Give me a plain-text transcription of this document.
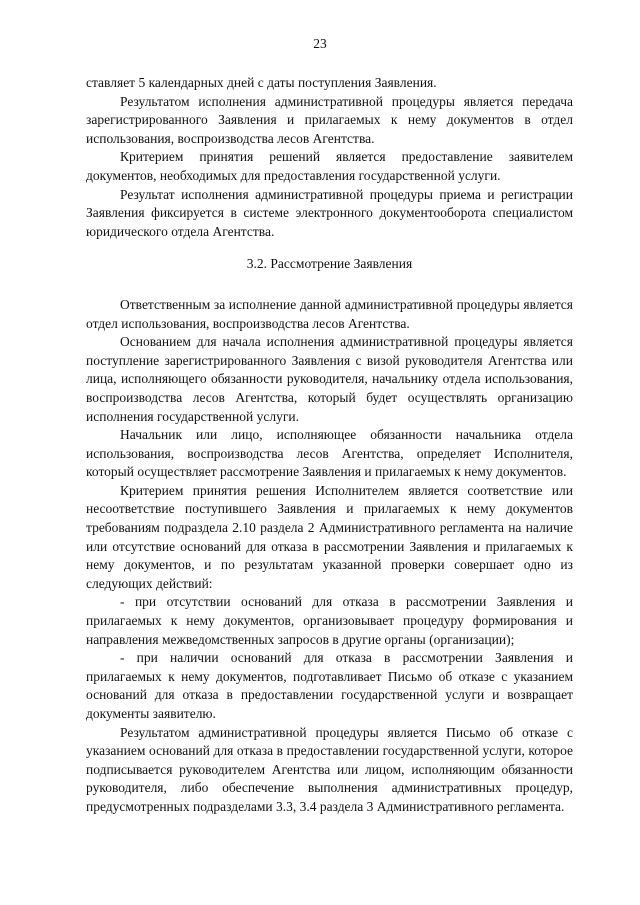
23

ставляет 5 календарных дней с даты поступления Заявления.

Результатом исполнения административной процедуры является передача зарегистрированного Заявления и прилагаемых к нему документов в отдел использования, воспроизводства лесов Агентства.

Критерием принятия решений является предоставление заявителем документов, необходимых для предоставления государственной услуги.

Результат исполнения административной процедуры приема и регистрации Заявления фиксируется в системе электронного документооборота специалистом юридического отдела Агентства.

3.2. Рассмотрение Заявления

Ответственным за исполнение данной административной процедуры является отдел использования, воспроизводства лесов Агентства.

Основанием для начала исполнения административной процедуры является поступление зарегистрированного Заявления с визой руководителя Агентства или лица, исполняющего обязанности руководителя, начальнику отдела использования, воспроизводства лесов Агентства, который будет осуществлять организацию исполнения государственной услуги.

Начальник или лицо, исполняющее обязанности начальника отдела использования, воспроизводства лесов Агентства, определяет Исполнителя, который осуществляет рассмотрение Заявления и прилагаемых к нему документов.

Критерием принятия решения Исполнителем является соответствие или несоответствие поступившего Заявления и прилагаемых к нему документов требованиям подраздела 2.10 раздела 2 Административного регламента на наличие или отсутствие оснований для отказа в рассмотрении Заявления и прилагаемых к нему документов, и по результатам указанной проверки совершает одно из следующих действий:

- при отсутствии оснований для отказа в рассмотрении Заявления и прилагаемых к нему документов, организовывает процедуру формирования и направления межведомственных запросов в другие органы (организации);

- при наличии оснований для отказа в рассмотрении Заявления и прилагаемых к нему документов, подготавливает Письмо об отказе с указанием оснований для отказа в предоставлении государственной услуги и возвращает документы заявителю.

Результатом административной процедуры является Письмо об отказе с указанием оснований для отказа в предоставлении государственной услуги, которое подписывается руководителем Агентства или лицом, исполняющим обязанности руководителя, либо обеспечение выполнения административных процедур, предусмотренных подразделами 3.3, 3.4 раздела 3 Административного регламента.
